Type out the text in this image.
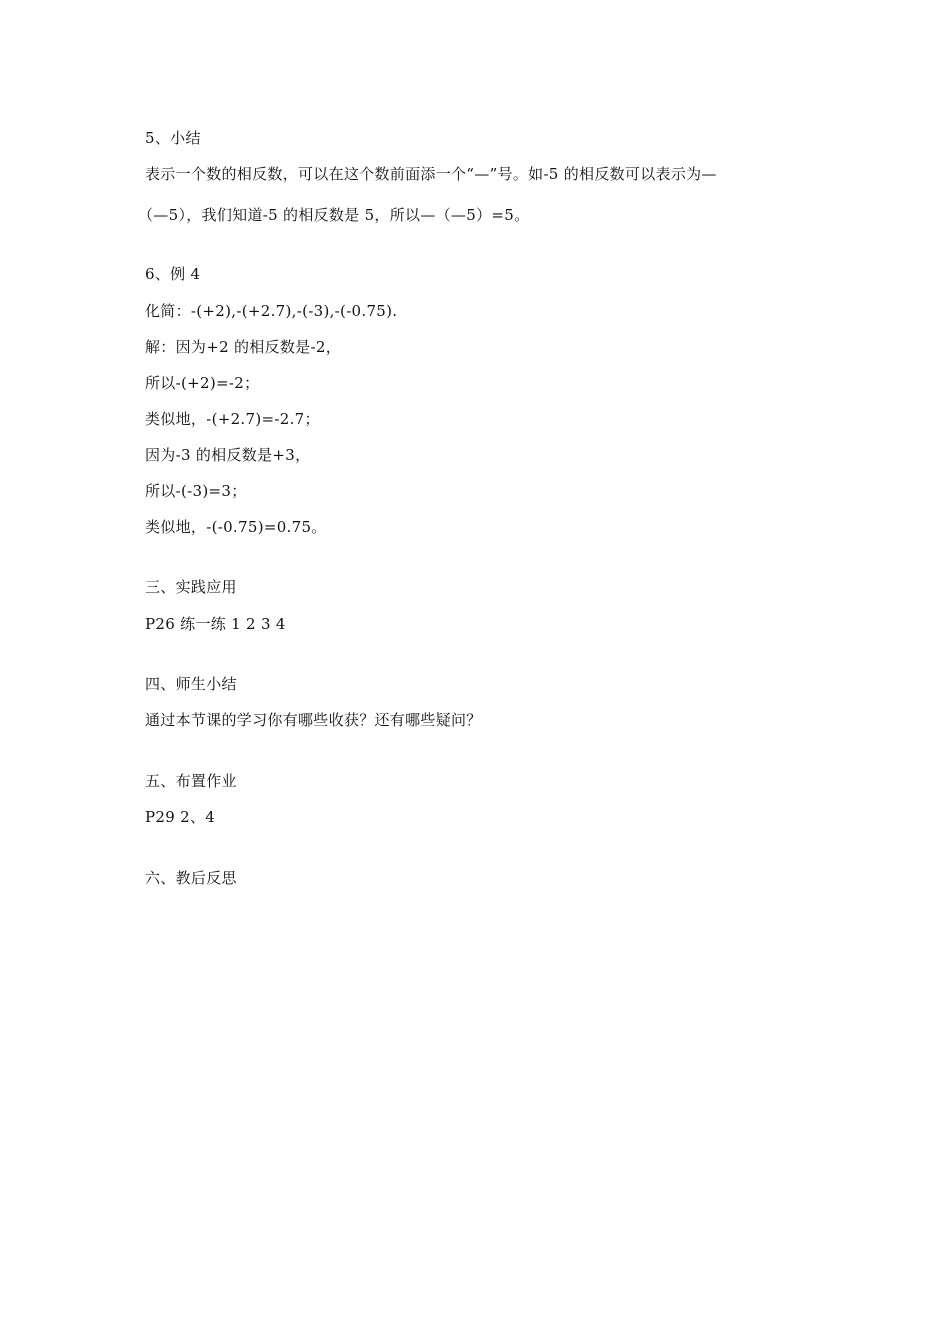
5、小结
表示一个数的相反数，可以在这个数前面添一个“—”号。如-5 的相反数可以表示为—
（—5），我们知道-5 的相反数是 5，所以—（—5）=5。
6、例 4
化简：-(+2),-(+2.7),-(-3),-(-0.75).
解：因为+2 的相反数是-2，
所以-(+2)=-2；
类似地，-(+2.7)=-2.7；
因为-3 的相反数是+3，
所以-(-3)=3；
类似地，-(-0.75)=0.75。
三、实践应用
P26 练一练 1 2 3 4
四、师生小结
通过本节课的学习你有哪些收获？还有哪些疑问？
五、布置作业
P29 2、4
六、教后反思
